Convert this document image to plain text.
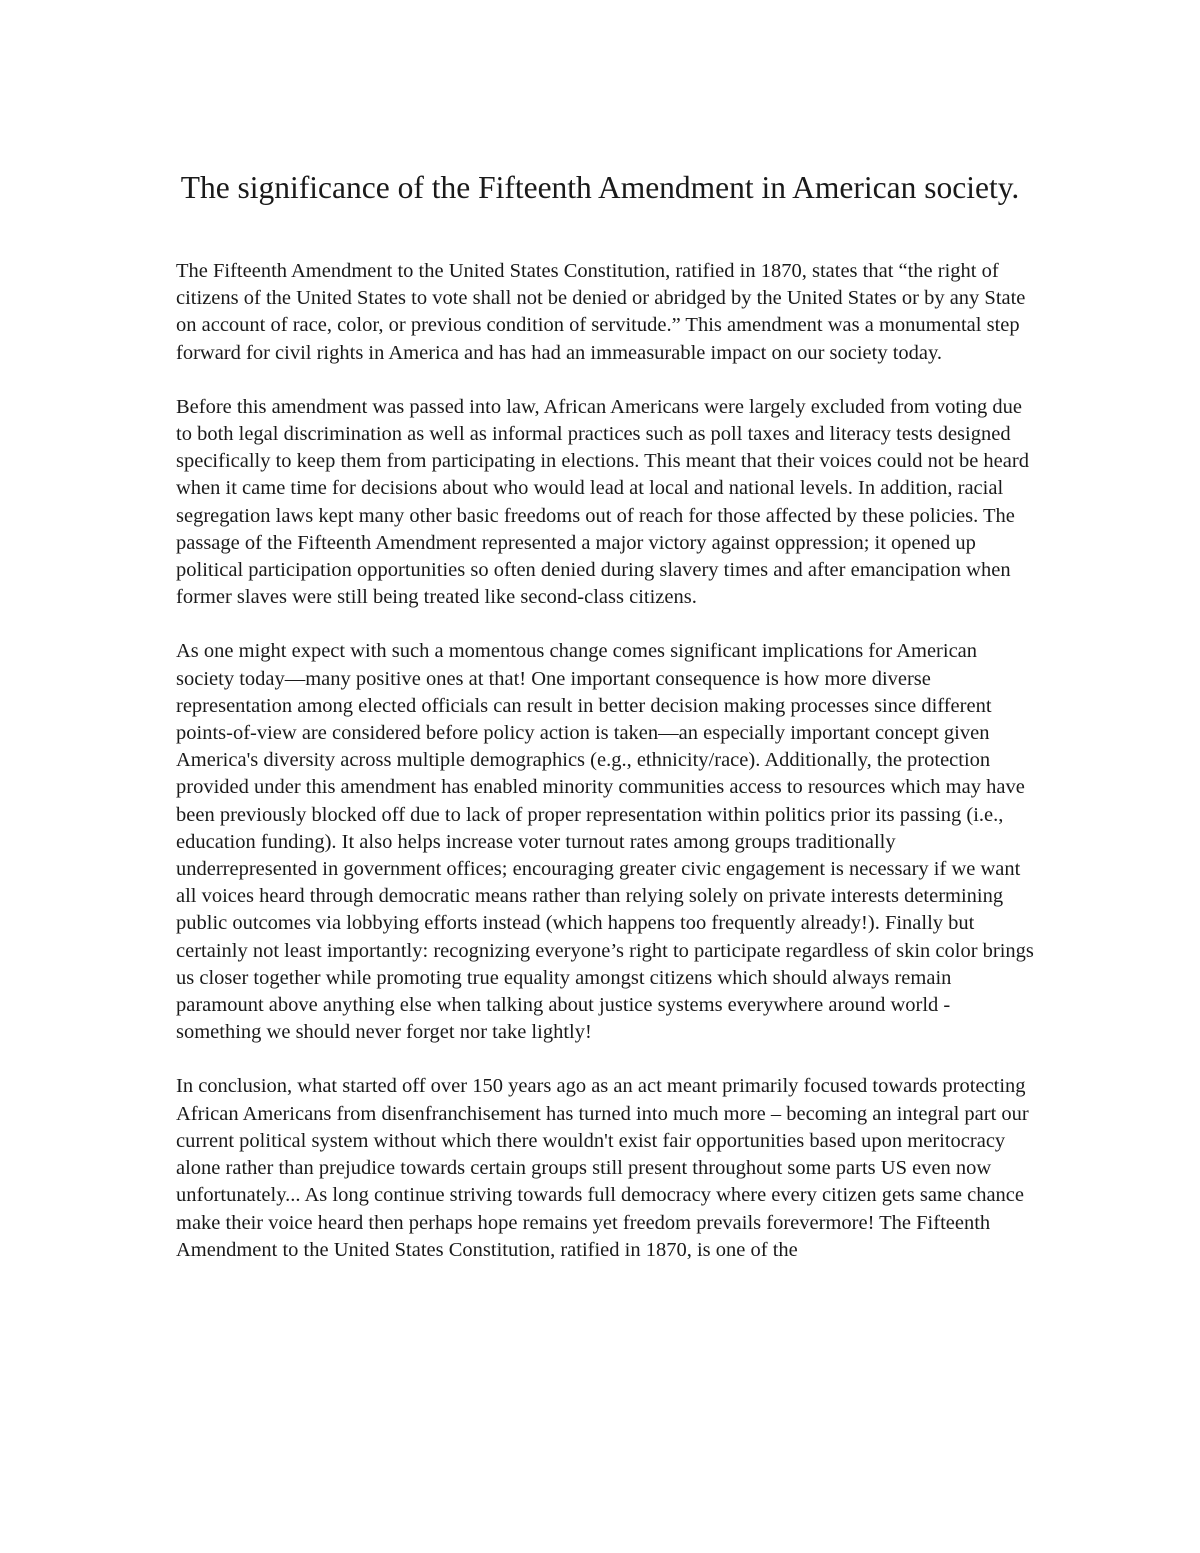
The significance of the Fifteenth Amendment in American society.

The Fifteenth Amendment to the United States Constitution, ratified in 1870, states that “the right of citizens of the United States to vote shall not be denied or abridged by the United States or by any State on account of race, color, or previous condition of servitude.” This amendment was a monumental step forward for civil rights in America and has had an immeasurable impact on our society today.

Before this amendment was passed into law, African Americans were largely excluded from voting due to both legal discrimination as well as informal practices such as poll taxes and literacy tests designed specifically to keep them from participating in elections. This meant that their voices could not be heard when it came time for decisions about who would lead at local and national levels. In addition, racial segregation laws kept many other basic freedoms out of reach for those affected by these policies. The passage of the Fifteenth Amendment represented a major victory against oppression; it opened up political participation opportunities so often denied during slavery times and after emancipation when former slaves were still being treated like second-class citizens.

As one might expect with such a momentous change comes significant implications for American society today—many positive ones at that! One important consequence is how more diverse representation among elected officials can result in better decision making processes since different points-of-view are considered before policy action is taken—an especially important concept given America's diversity across multiple demographics (e.g., ethnicity/race). Additionally, the protection provided under this amendment has enabled minority communities access to resources which may have been previously blocked off due to lack of proper representation within politics prior its passing (i.e., education funding). It also helps increase voter turnout rates among groups traditionally underrepresented in government offices; encouraging greater civic engagement is necessary if we want all voices heard through democratic means rather than relying solely on private interests determining public outcomes via lobbying efforts instead (which happens too frequently already!). Finally but certainly not least importantly: recognizing everyone’s right to participate regardless of skin color brings us closer together while promoting true equality amongst citizens which should always remain paramount above anything else when talking about justice systems everywhere around world - something we should never forget nor take lightly!

In conclusion, what started off over 150 years ago as an act meant primarily focused towards protecting African Americans from disenfranchisement has turned into much more – becoming an integral part our current political system without which there wouldn't exist fair opportunities based upon meritocracy alone rather than prejudice towards certain groups still present throughout some parts US even now unfortunately... As long continue striving towards full democracy where every citizen gets same chance make their voice heard then perhaps hope remains yet freedom prevails forevermore! The Fifteenth Amendment to the United States Constitution, ratified in 1870, is one of the
